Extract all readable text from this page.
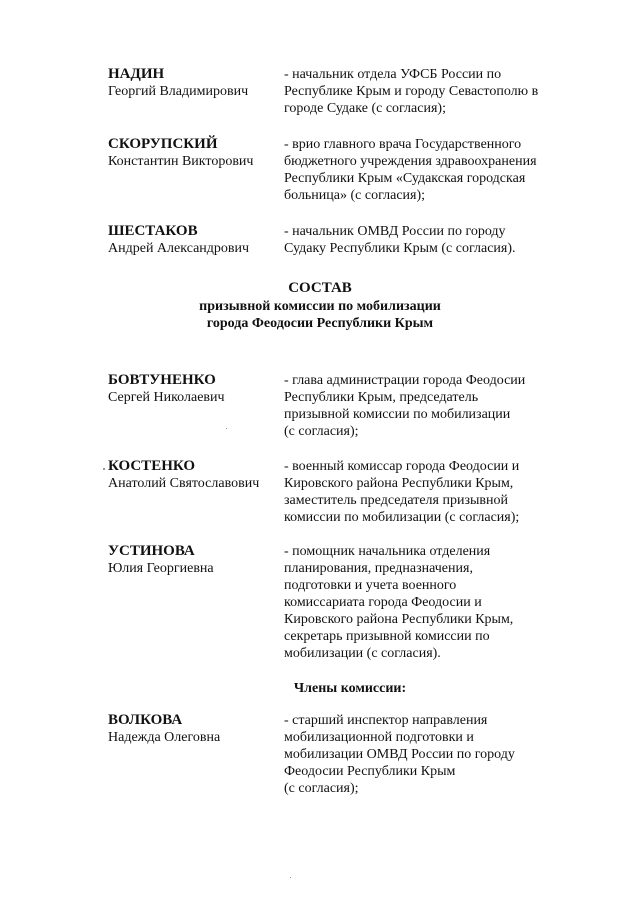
НАДИН
Георгий Владимирович
- начальник отдела УФСБ России по
Республике Крым и городу Севастополю в
городе Судаке (с согласия);
СКОРУПСКИЙ
Константин Викторович
- врио главного врача Государственного
бюджетного учреждения здравоохранения
Республики Крым «Судакская городская
больница» (с согласия);
ШЕСТАКОВ
Андрей Александрович
- начальник ОМВД России по городу
Судаку Республики Крым (с согласия).
СОСТАВ
призывной комиссии по мобилизации
города Феодосии Республики Крым
БОВТУНЕНКО
Сергей Николаевич
- глава администрации города Феодосии
Республики Крым, председатель
призывной комиссии по мобилизации
(с согласия);
КОСТЕНКО
Анатолий Святославович
- военный комиссар города Феодосии и
Кировского района Республики Крым,
заместитель председателя призывной
комиссии по мобилизации (с согласия);
УСТИНОВА
Юлия Георгиевна
- помощник начальника отделения
планирования, предназначения,
подготовки и учета военного
комиссариата города Феодосии и
Кировского района Республики Крым,
секретарь призывной комиссии по
мобилизации (с согласия).
Члены комиссии:
ВОЛКОВА
Надежда Олеговна
- старший инспектор направления
мобилизационной подготовки и
мобилизации ОМВД России по городу
Феодосии Республики Крым
(с согласия);
